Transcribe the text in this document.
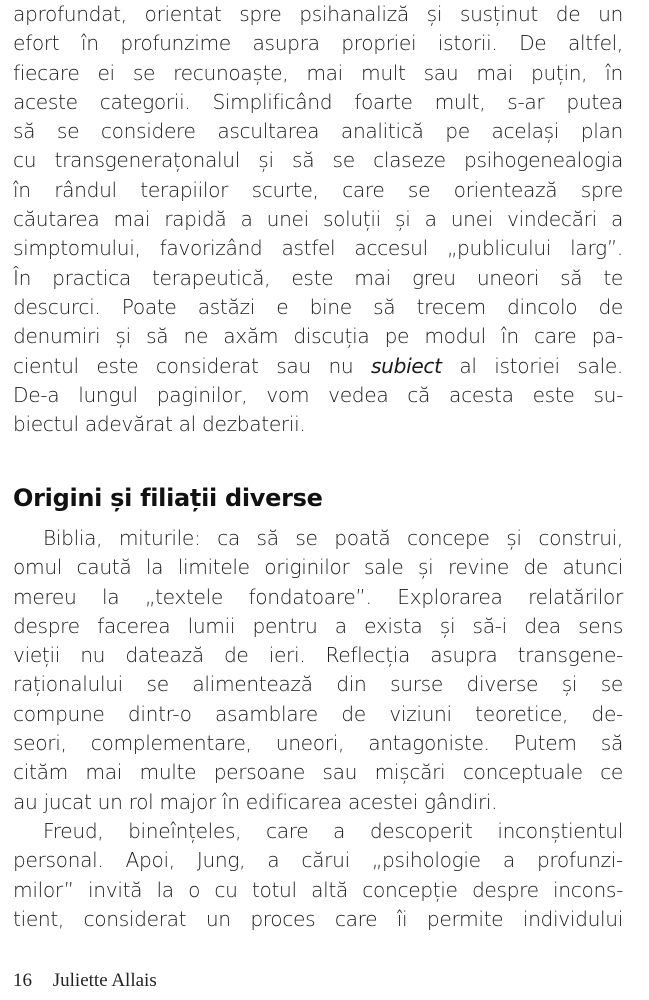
aprofundat, orientat spre psihanaliză și susținut de un
efort în profunzime asupra propriei istorii. De altfel,
fiecare ei se recunoaște, mai mult sau mai puțin, în
aceste categorii. Simplificând foarte mult, s-ar putea
să se considere ascultarea analitică pe același plan
cu transgenerațonalul și să se claseze psihogenealogia
în rândul terapiilor scurte, care se orientează spre
căutarea mai rapidă a unei soluții și a unei vindecări a
simptomului, favorizând astfel accesul „publicului larg”.
În practica terapeutică, este mai greu uneori să te
descurci. Poate astăzi e bine să trecem dincolo de
denumiri și să ne axăm discuția pe modul în care pa-
cientul este considerat sau nu subiect al istoriei sale.
De-a lungul paginilor, vom vedea că acesta este su-
biectul adevărat al dezbaterii.
Origini și filiații diverse
Biblia, miturile: ca să se poată concepe și construi,
omul caută la limitele originilor sale și revine de atunci
mereu la „textele fondatoare”. Explorarea relatărilor
despre facerea lumii pentru a exista și să-i dea sens
vieții nu datează de ieri. Reflecția asupra transgene-
raționalului se alimentează din surse diverse și se
compune dintr-o asamblare de viziuni teoretice, de-
seori, complementare, uneori, antagoniste. Putem să
cităm mai multe persoane sau mișcări conceptuale ce
au jucat un rol major în edificarea acestei gândiri.
Freud, bineînțeles, care a descoperit inconștientul
personal. Apoi, Jung, a cărui „psihologie a profunzi-
milor” invită la o cu totul altă concepție despre incons-
tient, considerat un proces care îi permite individului
16 Juliette Allais
